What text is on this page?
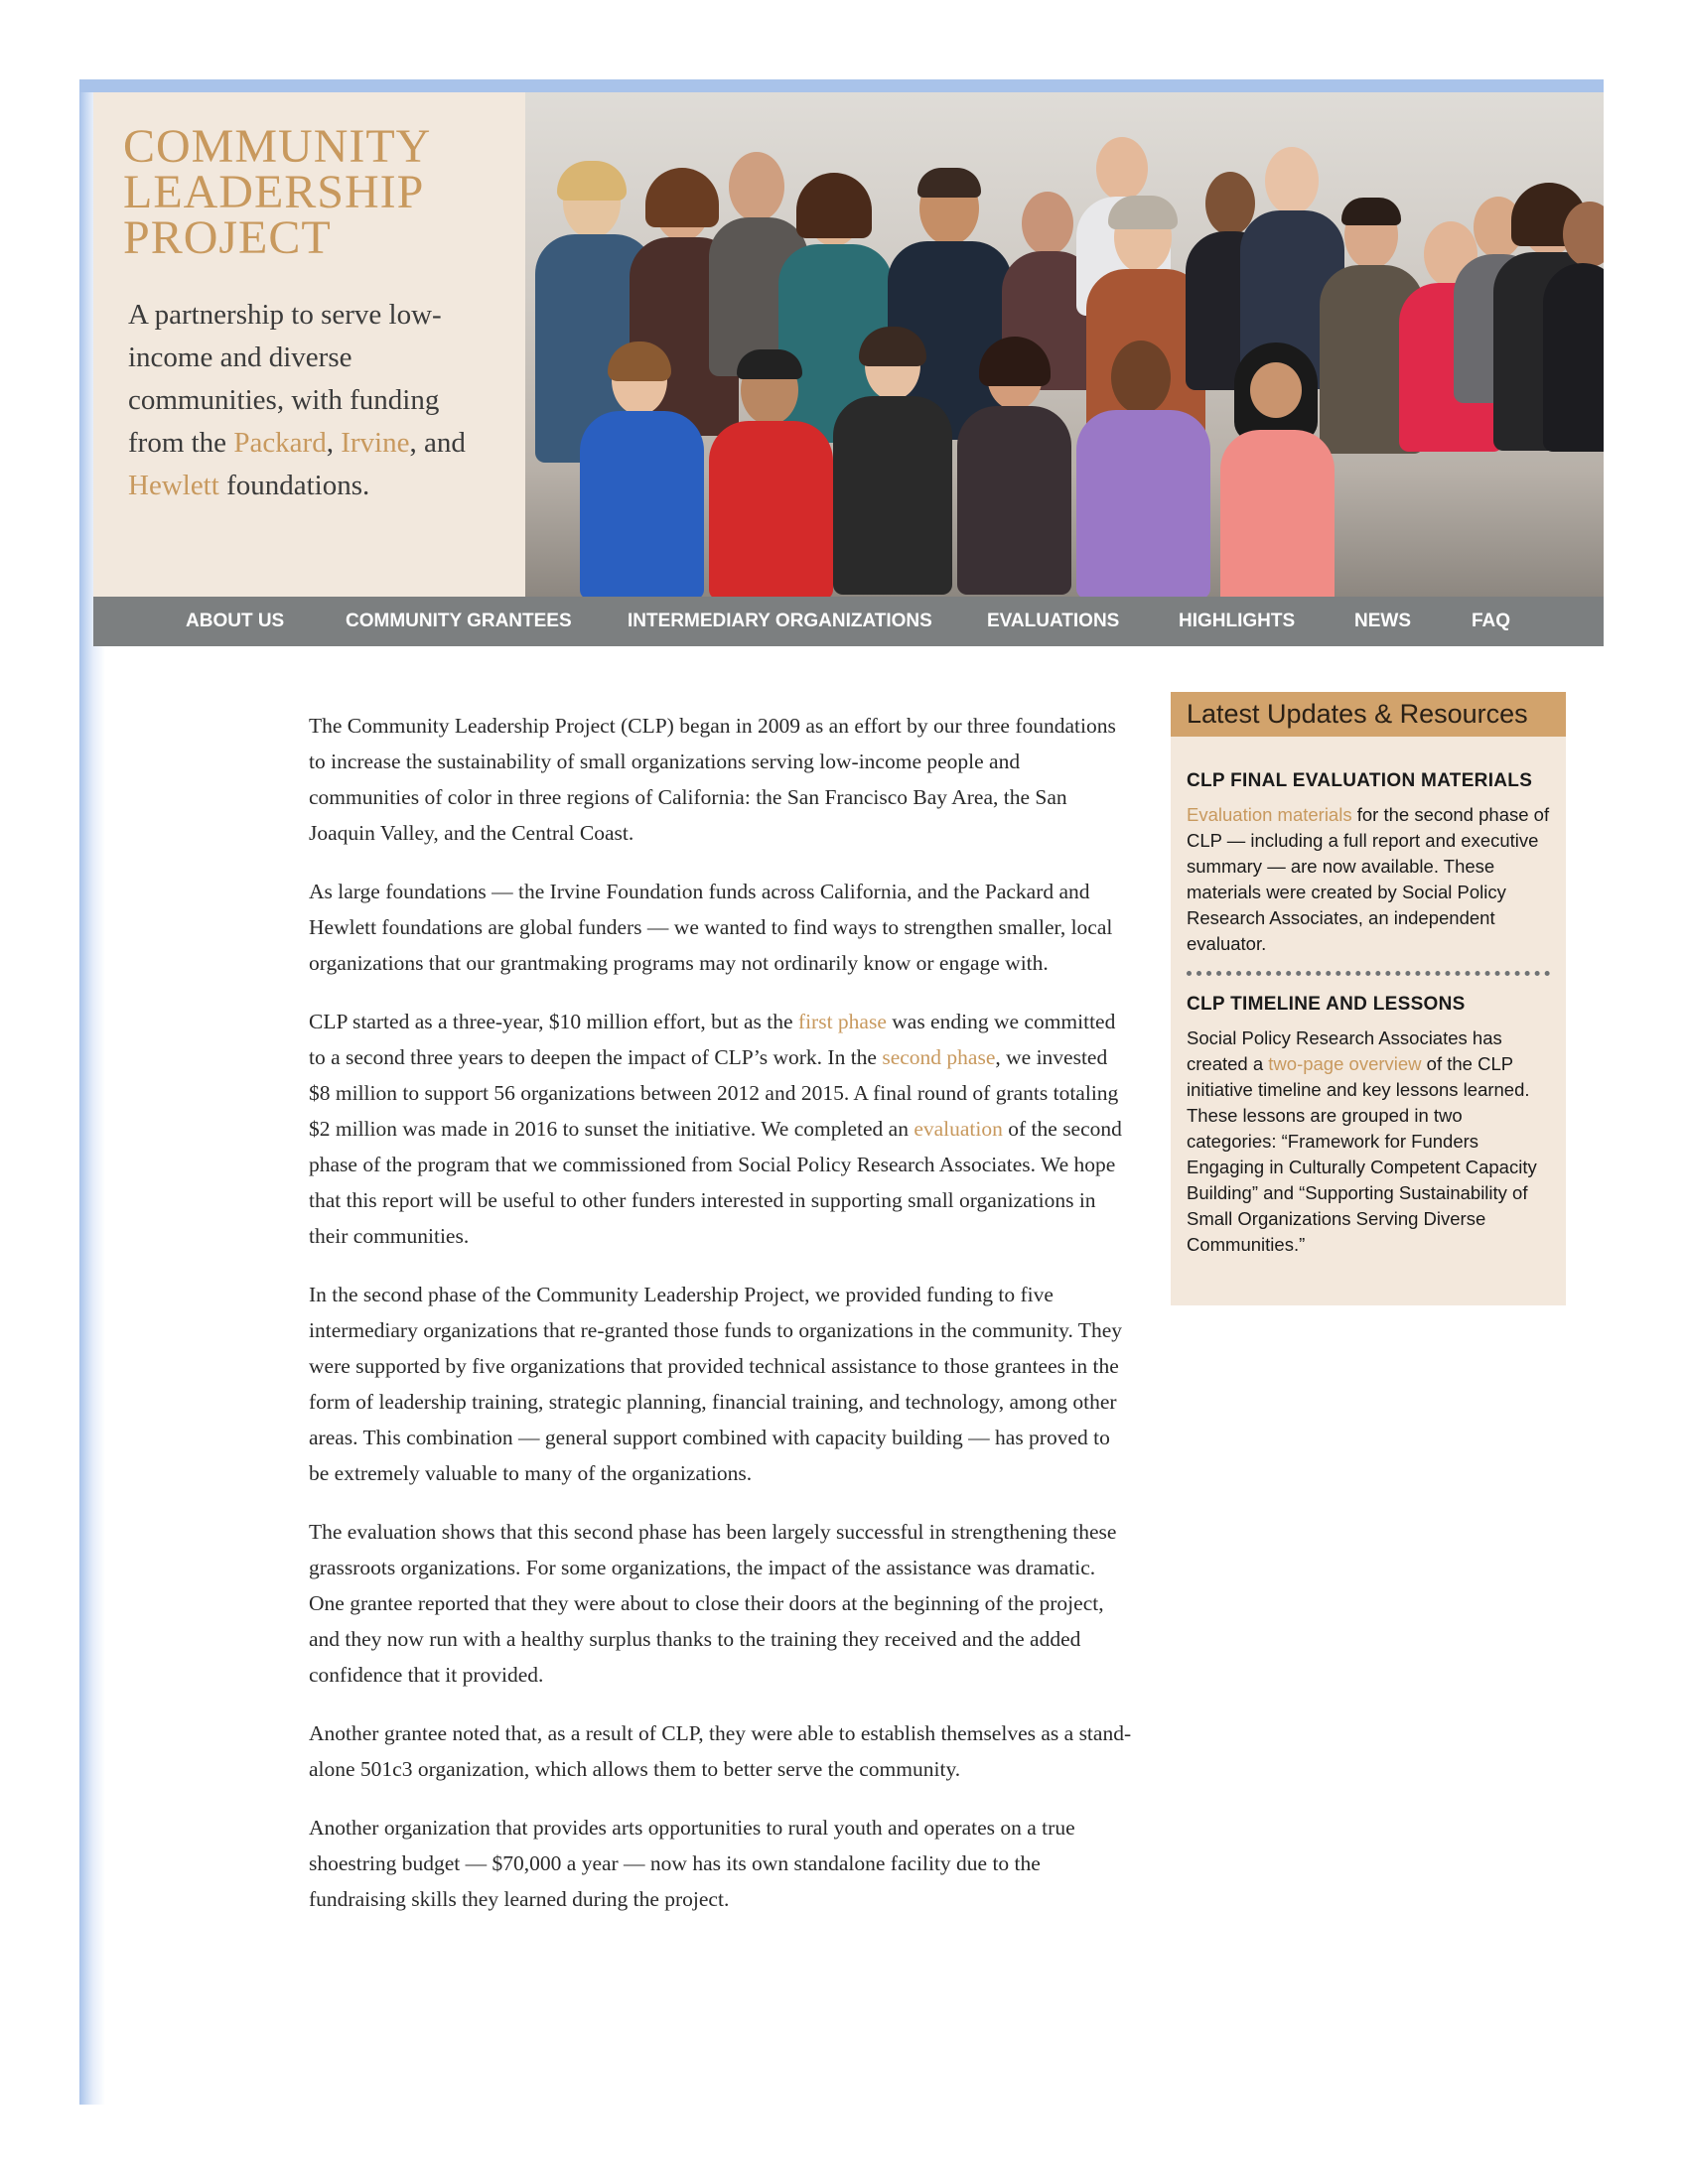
COMMUNITY
LEADERSHIP
PROJECT
A partnership to serve low-income and diverse communities, with funding from the Packard, Irvine, and Hewlett foundations.
ABOUT US	COMMUNITY GRANTEES	INTERMEDIARY ORGANIZATIONS	EVALUATIONS	HIGHLIGHTS	NEWS	FAQ

The Community Leadership Project (CLP) began in 2009 as an effort by our three foundations to increase the sustainability of small organizations serving low-income people and communities of color in three regions of California: the San Francisco Bay Area, the San Joaquin Valley, and the Central Coast.

As large foundations — the Irvine Foundation funds across California, and the Packard and Hewlett foundations are global funders — we wanted to find ways to strengthen smaller, local organizations that our grantmaking programs may not ordinarily know or engage with.

CLP started as a three-year, $10 million effort, but as the first phase was ending we committed to a second three years to deepen the impact of CLP’s work. In the second phase, we invested $8 million to support 56 organizations between 2012 and 2015. A final round of grants totaling $2 million was made in 2016 to sunset the initiative. We completed an evaluation of the second phase of the program that we commissioned from Social Policy Research Associates. We hope that this report will be useful to other funders interested in supporting small organizations in their communities.

In the second phase of the Community Leadership Project, we provided funding to five intermediary organizations that re-granted those funds to organizations in the community. They were supported by five organizations that provided technical assistance to those grantees in the form of leadership training, strategic planning, financial training, and technology, among other areas. This combination — general support combined with capacity building — has proved to be extremely valuable to many of the organizations.

The evaluation shows that this second phase has been largely successful in strengthening these grassroots organizations. For some organizations, the impact of the assistance was dramatic. One grantee reported that they were about to close their doors at the beginning of the project, and they now run with a healthy surplus thanks to the training they received and the added confidence that it provided.

Another grantee noted that, as a result of CLP, they were able to establish themselves as a stand-alone 501c3 organization, which allows them to better serve the community.

Another organization that provides arts opportunities to rural youth and operates on a true shoestring budget — $70,000 a year — now has its own standalone facility due to the fundraising skills they learned during the project.

Latest Updates & Resources
CLP FINAL EVALUATION MATERIALS
Evaluation materials for the second phase of CLP — including a full report and executive summary — are now available. These materials were created by Social Policy Research Associates, an independent evaluator.
CLP TIMELINE AND LESSONS
Social Policy Research Associates has created a two-page overview of the CLP initiative timeline and key lessons learned. These lessons are grouped in two categories: “Framework for Funders Engaging in Culturally Competent Capacity Building” and “Supporting Sustainability of Small Organizations Serving Diverse Communities.”
